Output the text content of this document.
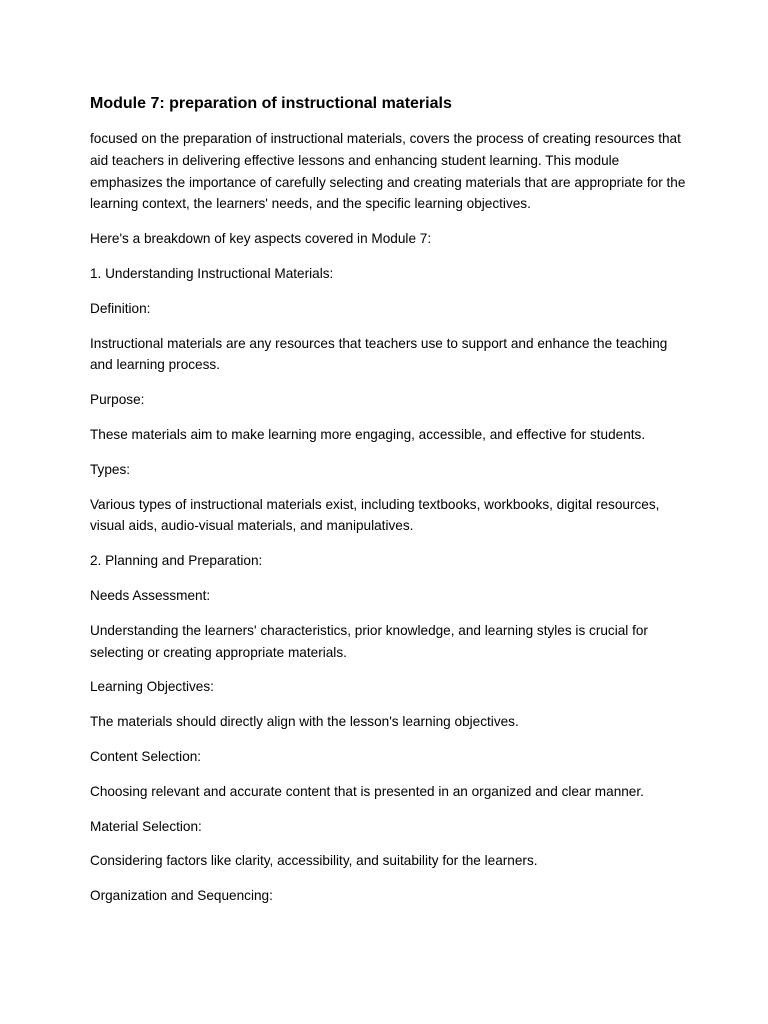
Module 7: preparation of instructional materials

focused on the preparation of instructional materials, covers the process of creating resources that aid teachers in delivering effective lessons and enhancing student learning. This module emphasizes the importance of carefully selecting and creating materials that are appropriate for the learning context, the learners' needs, and the specific learning objectives.

Here's a breakdown of key aspects covered in Module 7:

1. Understanding Instructional Materials:

Definition:

Instructional materials are any resources that teachers use to support and enhance the teaching and learning process.

Purpose:

These materials aim to make learning more engaging, accessible, and effective for students.

Types:

Various types of instructional materials exist, including textbooks, workbooks, digital resources, visual aids, audio-visual materials, and manipulatives.

2. Planning and Preparation:

Needs Assessment:

Understanding the learners' characteristics, prior knowledge, and learning styles is crucial for selecting or creating appropriate materials.

Learning Objectives:

The materials should directly align with the lesson's learning objectives.

Content Selection:

Choosing relevant and accurate content that is presented in an organized and clear manner.

Material Selection:

Considering factors like clarity, accessibility, and suitability for the learners.

Organization and Sequencing:
